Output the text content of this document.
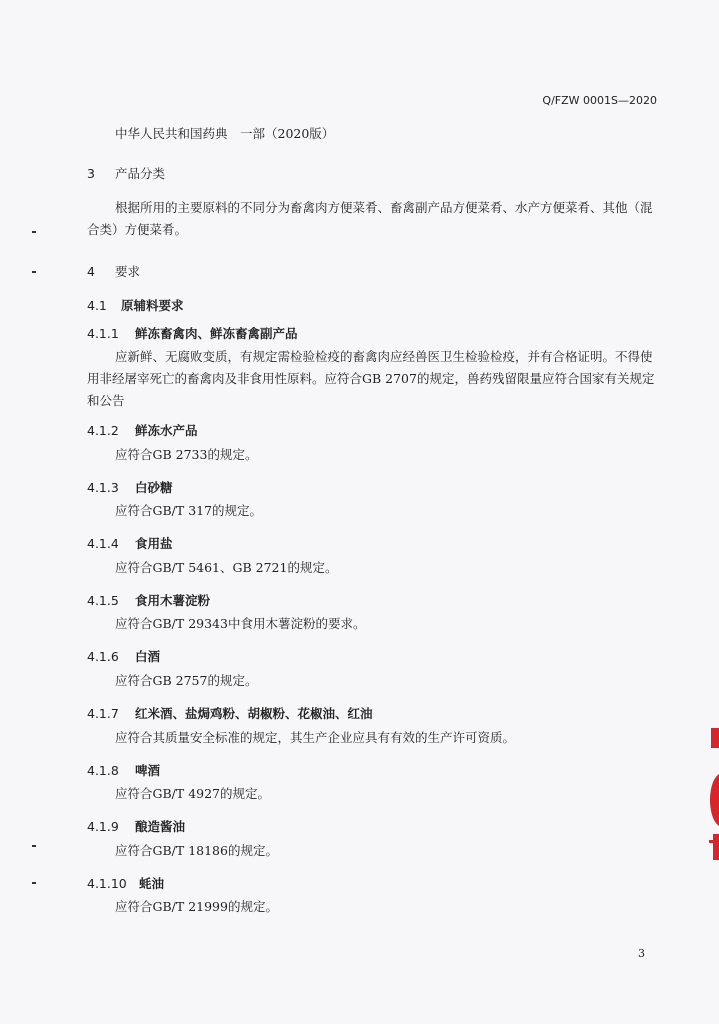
Q/FZW 0001S—2020
中华人民共和国药典　一部（2020版）
3 产品分类

根据所用的主要原料的不同分为畜禽肉方便菜肴、畜禽副产品方便菜肴、水产方便菜肴、其他（混合类）方便菜肴。

4 要求
4.1 原辅料要求
4.1.1 鲜冻畜禽肉、鲜冻畜禽副产品

应新鲜、无腐败变质，有规定需检验检疫的畜禽肉应经兽医卫生检验检疫，并有合格证明。不得使用非经屠宰死亡的畜禽肉及非食用性原料。应符合GB 2707的规定，兽药残留限量应符合国家有关规定和公告

4.1.2 鲜冻水产品

应符合GB 2733的规定。

4.1.3 白砂糖

应符合GB/T 317的规定。

4.1.4 食用盐

应符合GB/T 5461、GB 2721的规定。

4.1.5 食用木薯淀粉

应符合GB/T 29343中食用木薯淀粉的要求。

4.1.6 白酒

应符合GB 2757的规定。

4.1.7 红米酒、盐焗鸡粉、胡椒粉、花椒油、红油

应符合其质量安全标准的规定，其生产企业应具有有效的生产许可资质。

4.1.8 啤酒

应符合GB/T 4927的规定。

4.1.9 酿造酱油

应符合GB/T 18186的规定。

4.1.10 蚝油

应符合GB/T 21999的规定。

3
